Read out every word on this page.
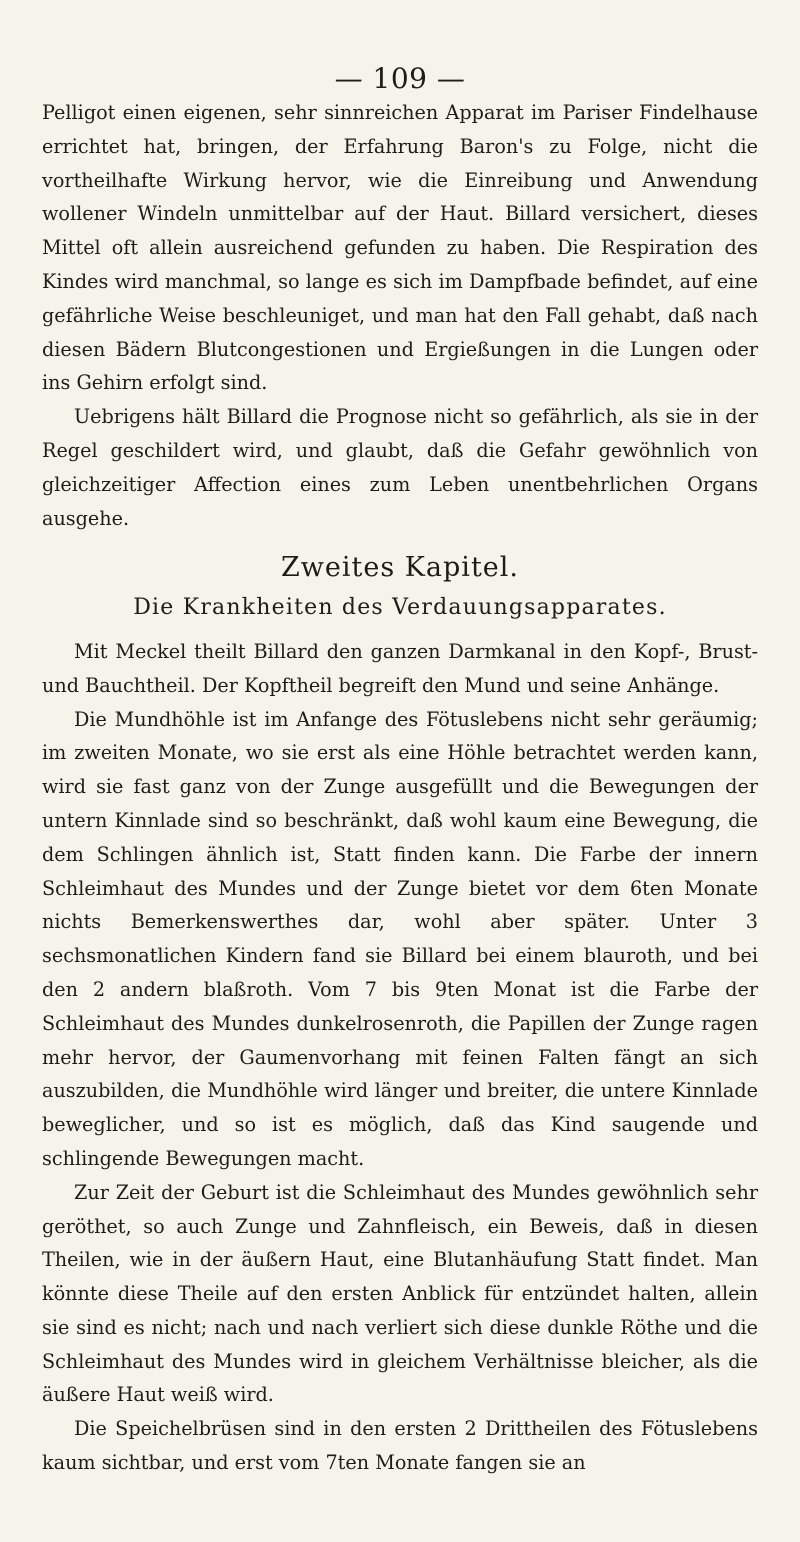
— 109 —

Pelligot einen eigenen, sehr sinnreichen Apparat im Pariser Findelhause errichtet hat, bringen, der Erfahrung Baron's zu Folge, nicht die vortheilhafte Wirkung hervor, wie die Einreibung und Anwendung wollener Windeln unmittelbar auf der Haut. Billard versichert, dieses Mittel oft allein ausreichend gefunden zu haben. Die Respiration des Kindes wird manchmal, so lange es sich im Dampfbade befindet, auf eine gefährliche Weise beschleuniget, und man hat den Fall gehabt, daß nach diesen Bädern Blutcongestionen und Ergießungen in die Lungen oder ins Gehirn erfolgt sind.

Uebrigens hält Billard die Prognose nicht so gefährlich, als sie in der Regel geschildert wird, und glaubt, daß die Gefahr gewöhnlich von gleichzeitiger Affection eines zum Leben unentbehrlichen Organs ausgehe.

Zweites Kapitel.
Die Krankheiten des Verdauungsapparates.

Mit Meckel theilt Billard den ganzen Darmkanal in den Kopf-, Brust- und Bauchtheil. Der Kopftheil begreift den Mund und seine Anhänge.

Die Mundhöhle ist im Anfange des Fötuslebens nicht sehr geräumig; im zweiten Monate, wo sie erst als eine Höhle betrachtet werden kann, wird sie fast ganz von der Zunge ausgefüllt und die Bewegungen der untern Kinnlade sind so beschränkt, daß wohl kaum eine Bewegung, die dem Schlingen ähnlich ist, Statt finden kann. Die Farbe der innern Schleimhaut des Mundes und der Zunge bietet vor dem 6ten Monate nichts Bemerkenswerthes dar, wohl aber später. Unter 3 sechsmonatlichen Kindern fand sie Billard bei einem blauroth, und bei den 2 andern blaßroth. Vom 7 bis 9ten Monat ist die Farbe der Schleimhaut des Mundes dunkelrosenroth, die Papillen der Zunge ragen mehr hervor, der Gaumenvorhang mit feinen Falten fängt an sich auszubilden, die Mundhöhle wird länger und breiter, die untere Kinnlade beweglicher, und so ist es möglich, daß das Kind saugende und schlingende Bewegungen macht.

Zur Zeit der Geburt ist die Schleimhaut des Mundes gewöhnlich sehr geröthet, so auch Zunge und Zahnfleisch, ein Beweis, daß in diesen Theilen, wie in der äußern Haut, eine Blutanhäufung Statt findet. Man könnte diese Theile auf den ersten Anblick für entzündet halten, allein sie sind es nicht; nach und nach verliert sich diese dunkle Röthe und die Schleimhaut des Mundes wird in gleichem Verhältnisse bleicher, als die äußere Haut weiß wird.

Die Speichelbrüsen sind in den ersten 2 Drittheilen des Fötuslebens kaum sichtbar, und erst vom 7ten Monate fangen sie an
